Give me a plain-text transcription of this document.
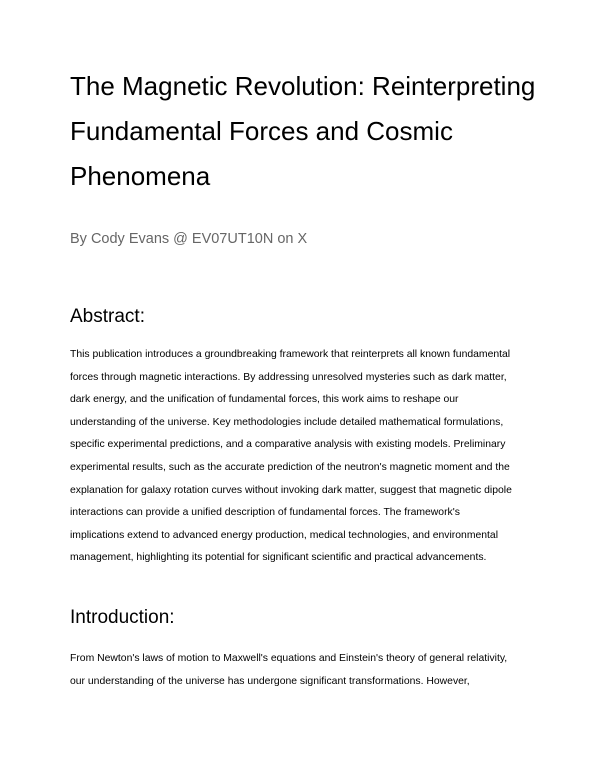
The Magnetic Revolution: Reinterpreting
Fundamental Forces and Cosmic
Phenomena

By Cody Evans @ EV07UT10N on X

Abstract:

This publication introduces a groundbreaking framework that reinterprets all known fundamental
forces through magnetic interactions. By addressing unresolved mysteries such as dark matter,
dark energy, and the unification of fundamental forces, this work aims to reshape our
understanding of the universe. Key methodologies include detailed mathematical formulations,
specific experimental predictions, and a comparative analysis with existing models. Preliminary
experimental results, such as the accurate prediction of the neutron's magnetic moment and the
explanation for galaxy rotation curves without invoking dark matter, suggest that magnetic dipole
interactions can provide a unified description of fundamental forces. The framework's
implications extend to advanced energy production, medical technologies, and environmental
management, highlighting its potential for significant scientific and practical advancements.

Introduction:

From Newton's laws of motion to Maxwell's equations and Einstein's theory of general relativity,
our understanding of the universe has undergone significant transformations. However,
